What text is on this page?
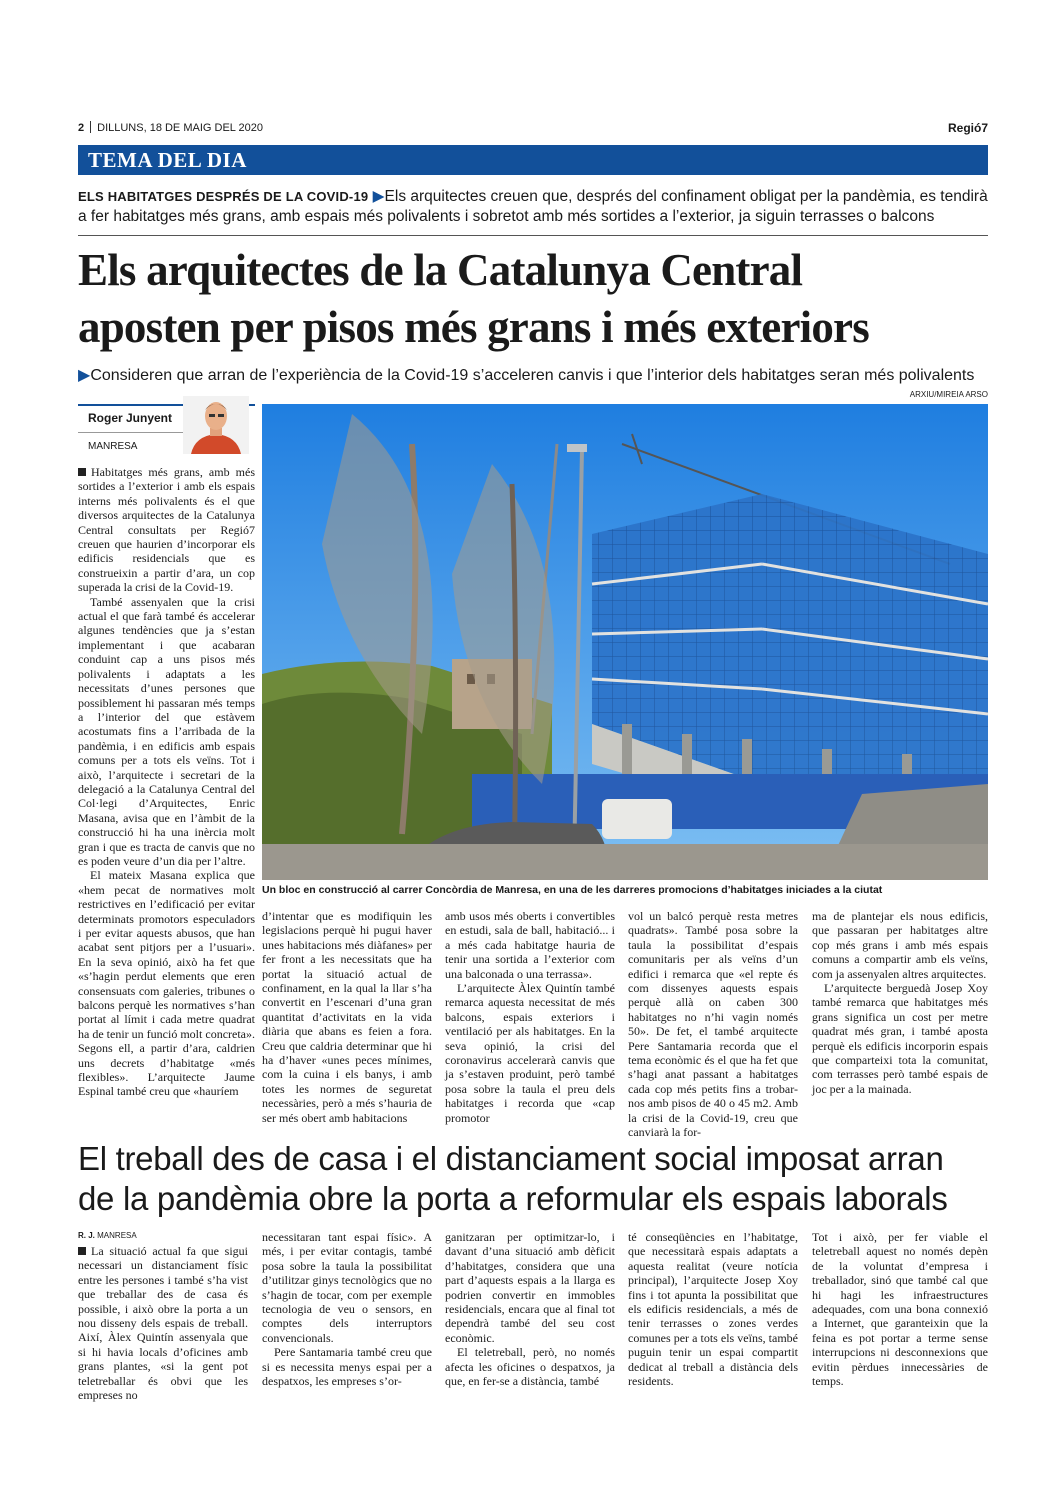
2 DILLUNS, 18 DE MAIG DEL 2020	Regió7
TEMA DEL DIA
ELS HABITATGES DESPRÉS DE LA COVID-19 ▶Els arquitectes creuen que, després del confinament obligat per la pandèmia, es tendirà a fer habitatges més grans, amb espais més polivalents i sobretot amb més sortides a l’exterior, ja siguin terrasses o balcons
Els arquitectes de la Catalunya Central
aposten per pisos més grans i més exteriors
▶Consideren que arran de l’experiència de la Covid-19 s’acceleren canvis i que l’interior dels habitatges seran més polivalents
ARXIU/MIREIA ARSO
Roger Junyent
MANRESA
Un bloc en construcció al carrer Concòrdia de Manresa, en una de les darreres promocions d’habitatges iniciades a la ciutat

Habitatges més grans, amb més sortides a l’exterior i amb els espais interns més polivalents és el que diversos arquitectes de la Catalunya Central consultats per Regió7 creuen que haurien d’incorporar els edificis residencials que es construeixin a partir d’ara, un cop superada la crisi de la Covid-19.

També assenyalen que la crisi actual el que farà també és accelerar algunes tendències que ja s’estan implementant i que acabaran conduint cap a uns pisos més polivalents i adaptats a les necessitats d’unes persones que possiblement hi passaran més temps a l’interior del que estàvem acostumats fins a l’arribada de la pandèmia, i en edificis amb espais comuns per a tots els veïns. Tot i això, l’arquitecte i secretari de la delegació a la Catalunya Central del Col·legi d’Arquitectes, Enric Masana, avisa que en l’àmbit de la construcció hi ha una inèrcia molt gran i que es tracta de canvis que no es poden veure d’un dia per l’altre.

El mateix Masana explica que «hem pecat de normatives molt restrictives en l’edificació per evitar determinats promotors especuladors i per evitar aquests abusos, que han acabat sent pitjors per a l’usuari». En la seva opinió, això ha fet que «s’hagin perdut elements que eren consensuats com galeries, tribunes o balcons perquè les normatives s’han portat al límit i cada metre quadrat ha de tenir un funció molt concreta». Segons ell, a partir d’ara, caldrien uns decrets d’habitatge «més flexibles». L’arquitecte Jaume Espinal també creu que «hauríem

d’intentar que es modifiquin les legislacions perquè hi pugui haver unes habitacions més diàfanes» per fer front a les necessitats que ha portat la situació actual de confinament, en la qual la llar s’ha convertit en l’escenari d’una gran quantitat d’activitats en la vida diària que abans es feien a fora. Creu que caldria determinar que hi ha d’haver «unes peces mínimes, com la cuina i els banys, i amb totes les normes de seguretat necessàries, però a més s’hauria de ser més obert amb habitacions

amb usos més oberts i convertibles en estudi, sala de ball, habitació... i a més cada habitatge hauria de tenir una sortida a l’exterior com una balconada o una terrassa».

L’arquitecte Àlex Quintín també remarca aquesta necessitat de més balcons, espais exteriors i ventilació per als habitatges. En la seva opinió, la crisi del coronavirus accelerarà canvis que ja s’estaven produint, però també posa sobre la taula el preu dels habitatges i recorda que «cap promotor

vol un balcó perquè resta metres quadrats». També posa sobre la taula la possibilitat d’espais comunitaris per als veïns d’un edifici i remarca que «el repte és com dissenyes aquests espais perquè allà on caben 300 habitatges no n’hi vagin només 50». De fet, el també arquitecte Pere Santamaria recorda que el tema econòmic és el que ha fet que s’hagi anat passant a habitatges cada cop més petits fins a trobar-nos amb pisos de 40 o 45 m2. Amb la crisi de la Covid-19, creu que canviarà la for-

ma de plantejar els nous edificis, que passaran per habitatges altre cop més grans i amb més espais comuns a compartir amb els veïns, com ja assenyalen altres arquitectes.

L’arquitecte berguedà Josep Xoy també remarca que habitatges més grans significa un cost per metre quadrat més gran, i també aposta perquè els edificis incorporin espais que comparteixi tota la comunitat, com terrasses però també espais de joc per a la mainada.

El treball des de casa i el distanciament social imposat arran
de la pandèmia obre la porta a reformular els espais laborals
R. J. MANRESA

La situació actual fa que sigui necessari un distanciament físic entre les persones i també s’ha vist que treballar des de casa és possible, i això obre la porta a un nou disseny dels espais de treball. Així, Àlex Quintín assenyala que si hi havia locals d’oficines amb grans plantes, «si la gent pot teletreballar és obvi que les empreses no

necessitaran tant espai físic». A més, i per evitar contagis, també posa sobre la taula la possibilitat d’utilitzar ginys tecnològics que no s’hagin de tocar, com per exemple tecnologia de veu o sensors, en comptes dels interruptors convencionals.

Pere Santamaria també creu que si es necessita menys espai per a despatxos, les empreses s’or-

ganitzaran per optimitzar-lo, i davant d’una situació amb dèficit d’habitatges, considera que una part d’aquests espais a la llarga es podrien convertir en immobles residencials, encara que al final tot dependrà també del seu cost econòmic.

El teletreball, però, no només afecta les oficines o despatxos, ja que, en fer-se a distància, també

té conseqüències en l’habitatge, que necessitarà espais adaptats a aquesta realitat (veure notícia principal), l’arquitecte Josep Xoy fins i tot apunta la possibilitat que els edificis residencials, a més de tenir terrasses o zones verdes comunes per a tots els veïns, també puguin tenir un espai compartit dedicat al treball a distància dels residents.

Tot i això, per fer viable el teletreball aquest no només depèn de la voluntat d’empresa i treballador, sinó que també cal que hi hagi les infraestructures adequades, com una bona connexió a Internet, que garanteixin que la feina es pot portar a terme sense interrupcions ni desconnexions que evitin pèrdues innecessàries de temps.
